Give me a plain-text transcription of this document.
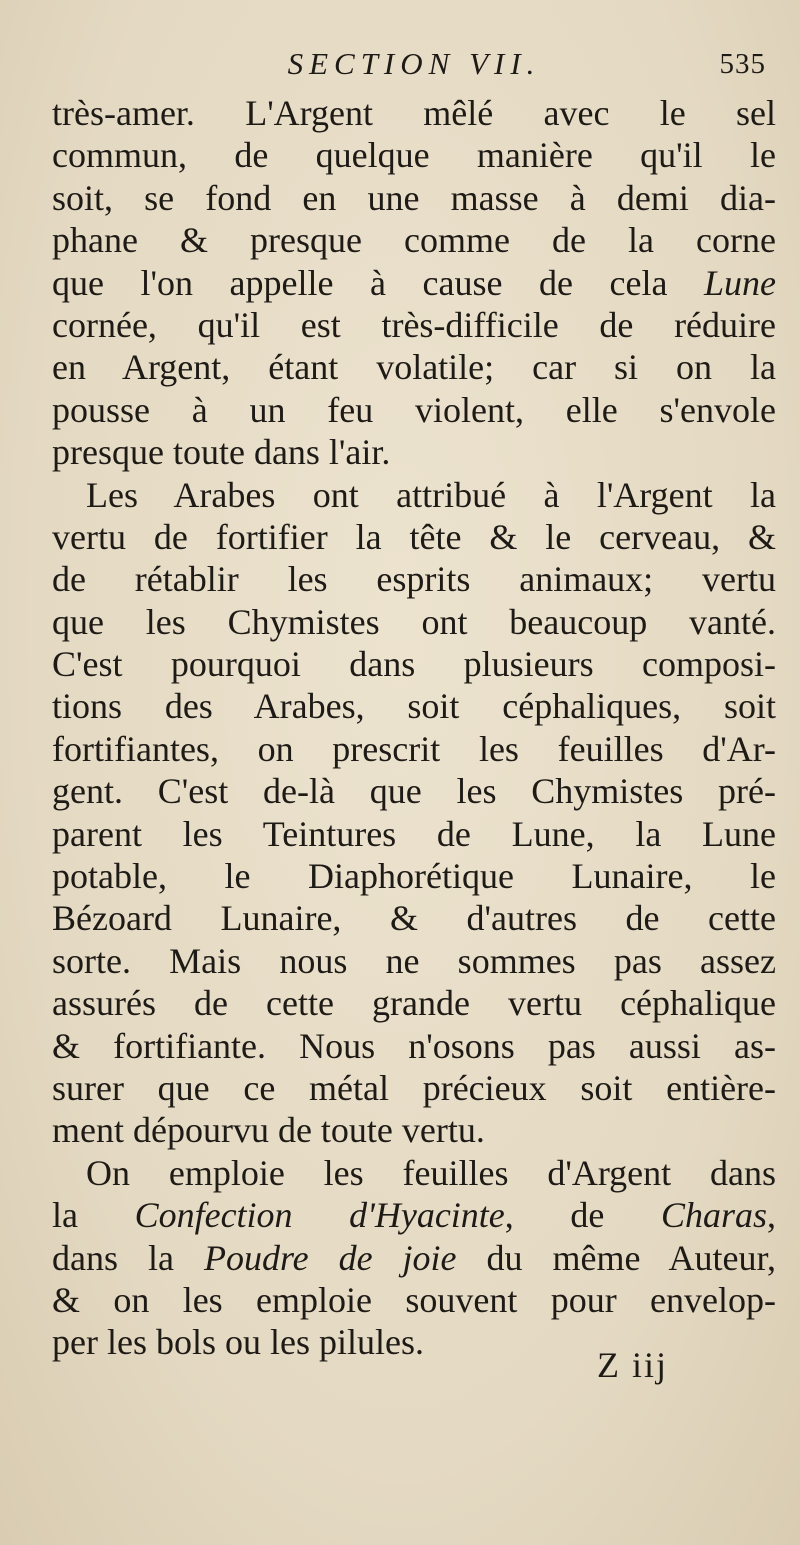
SECTION VII.	535
très-amer. L'Argent mêlé avec le sel
commun, de quelque manière qu'il le
soit, se fond en une masse à demi dia-
phane & presque comme de la corne
que l'on appelle à cause de cela Lune
cornée, qu'il est très-difficile de réduire
en Argent, étant volatile; car si on la
pousse à un feu violent, elle s'envole
presque toute dans l'air.
Les Arabes ont attribué à l'Argent la
vertu de fortifier la tête & le cerveau, &
de rétablir les esprits animaux; vertu
que les Chymistes ont beaucoup vanté.
C'est pourquoi dans plusieurs composi-
tions des Arabes, soit céphaliques, soit
fortifiantes, on prescrit les feuilles d'Ar-
gent. C'est de-là que les Chymistes pré-
parent les Teintures de Lune, la Lune
potable, le Diaphorétique Lunaire, le
Bézoard Lunaire, & d'autres de cette
sorte. Mais nous ne sommes pas assez
assurés de cette grande vertu céphalique
& fortifiante. Nous n'osons pas aussi as-
surer que ce métal précieux soit entière-
ment dépourvu de toute vertu.
On emploie les feuilles d'Argent dans
la Confection d'Hyacinte, de Charas,
dans la Poudre de joie du même Auteur,
& on les emploie souvent pour envelop-
per les bols ou les pilules.
Z iij
